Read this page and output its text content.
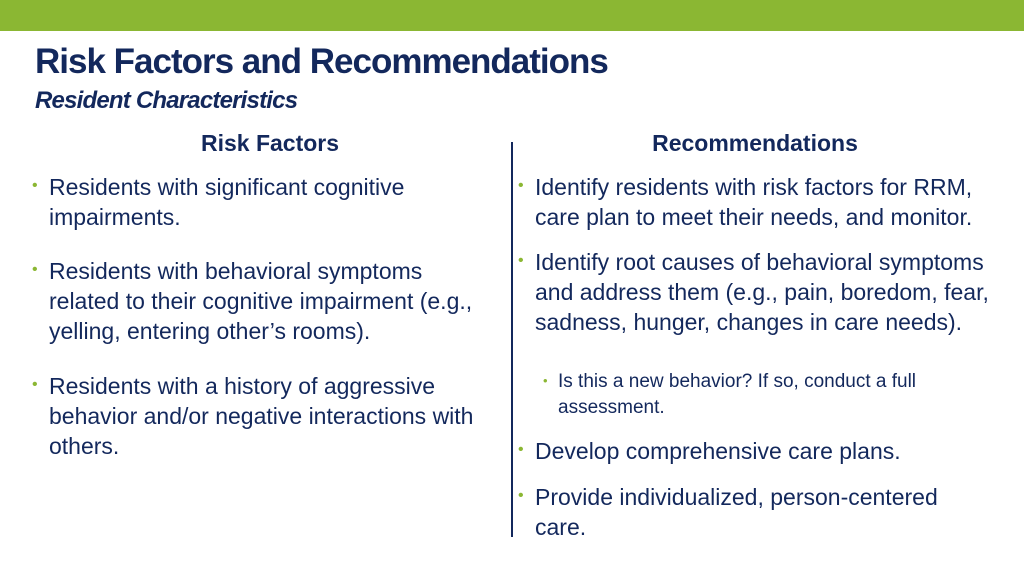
Risk Factors and Recommendations
Resident Characteristics
Risk Factors	Recommendations
• Residents with significant cognitive impairments.
• Residents with behavioral symptoms related to their cognitive impairment (e.g., yelling, entering other’s rooms).
• Residents with a history of aggressive behavior and/or negative interactions with others.
• Identify residents with risk factors for RRM, care plan to meet their needs, and monitor.
• Identify root causes of behavioral symptoms and address them (e.g., pain, boredom, fear, sadness, hunger, changes in care needs).
• Is this a new behavior? If so, conduct a full assessment.
• Develop comprehensive care plans.
• Provide individualized, person-centered care.
